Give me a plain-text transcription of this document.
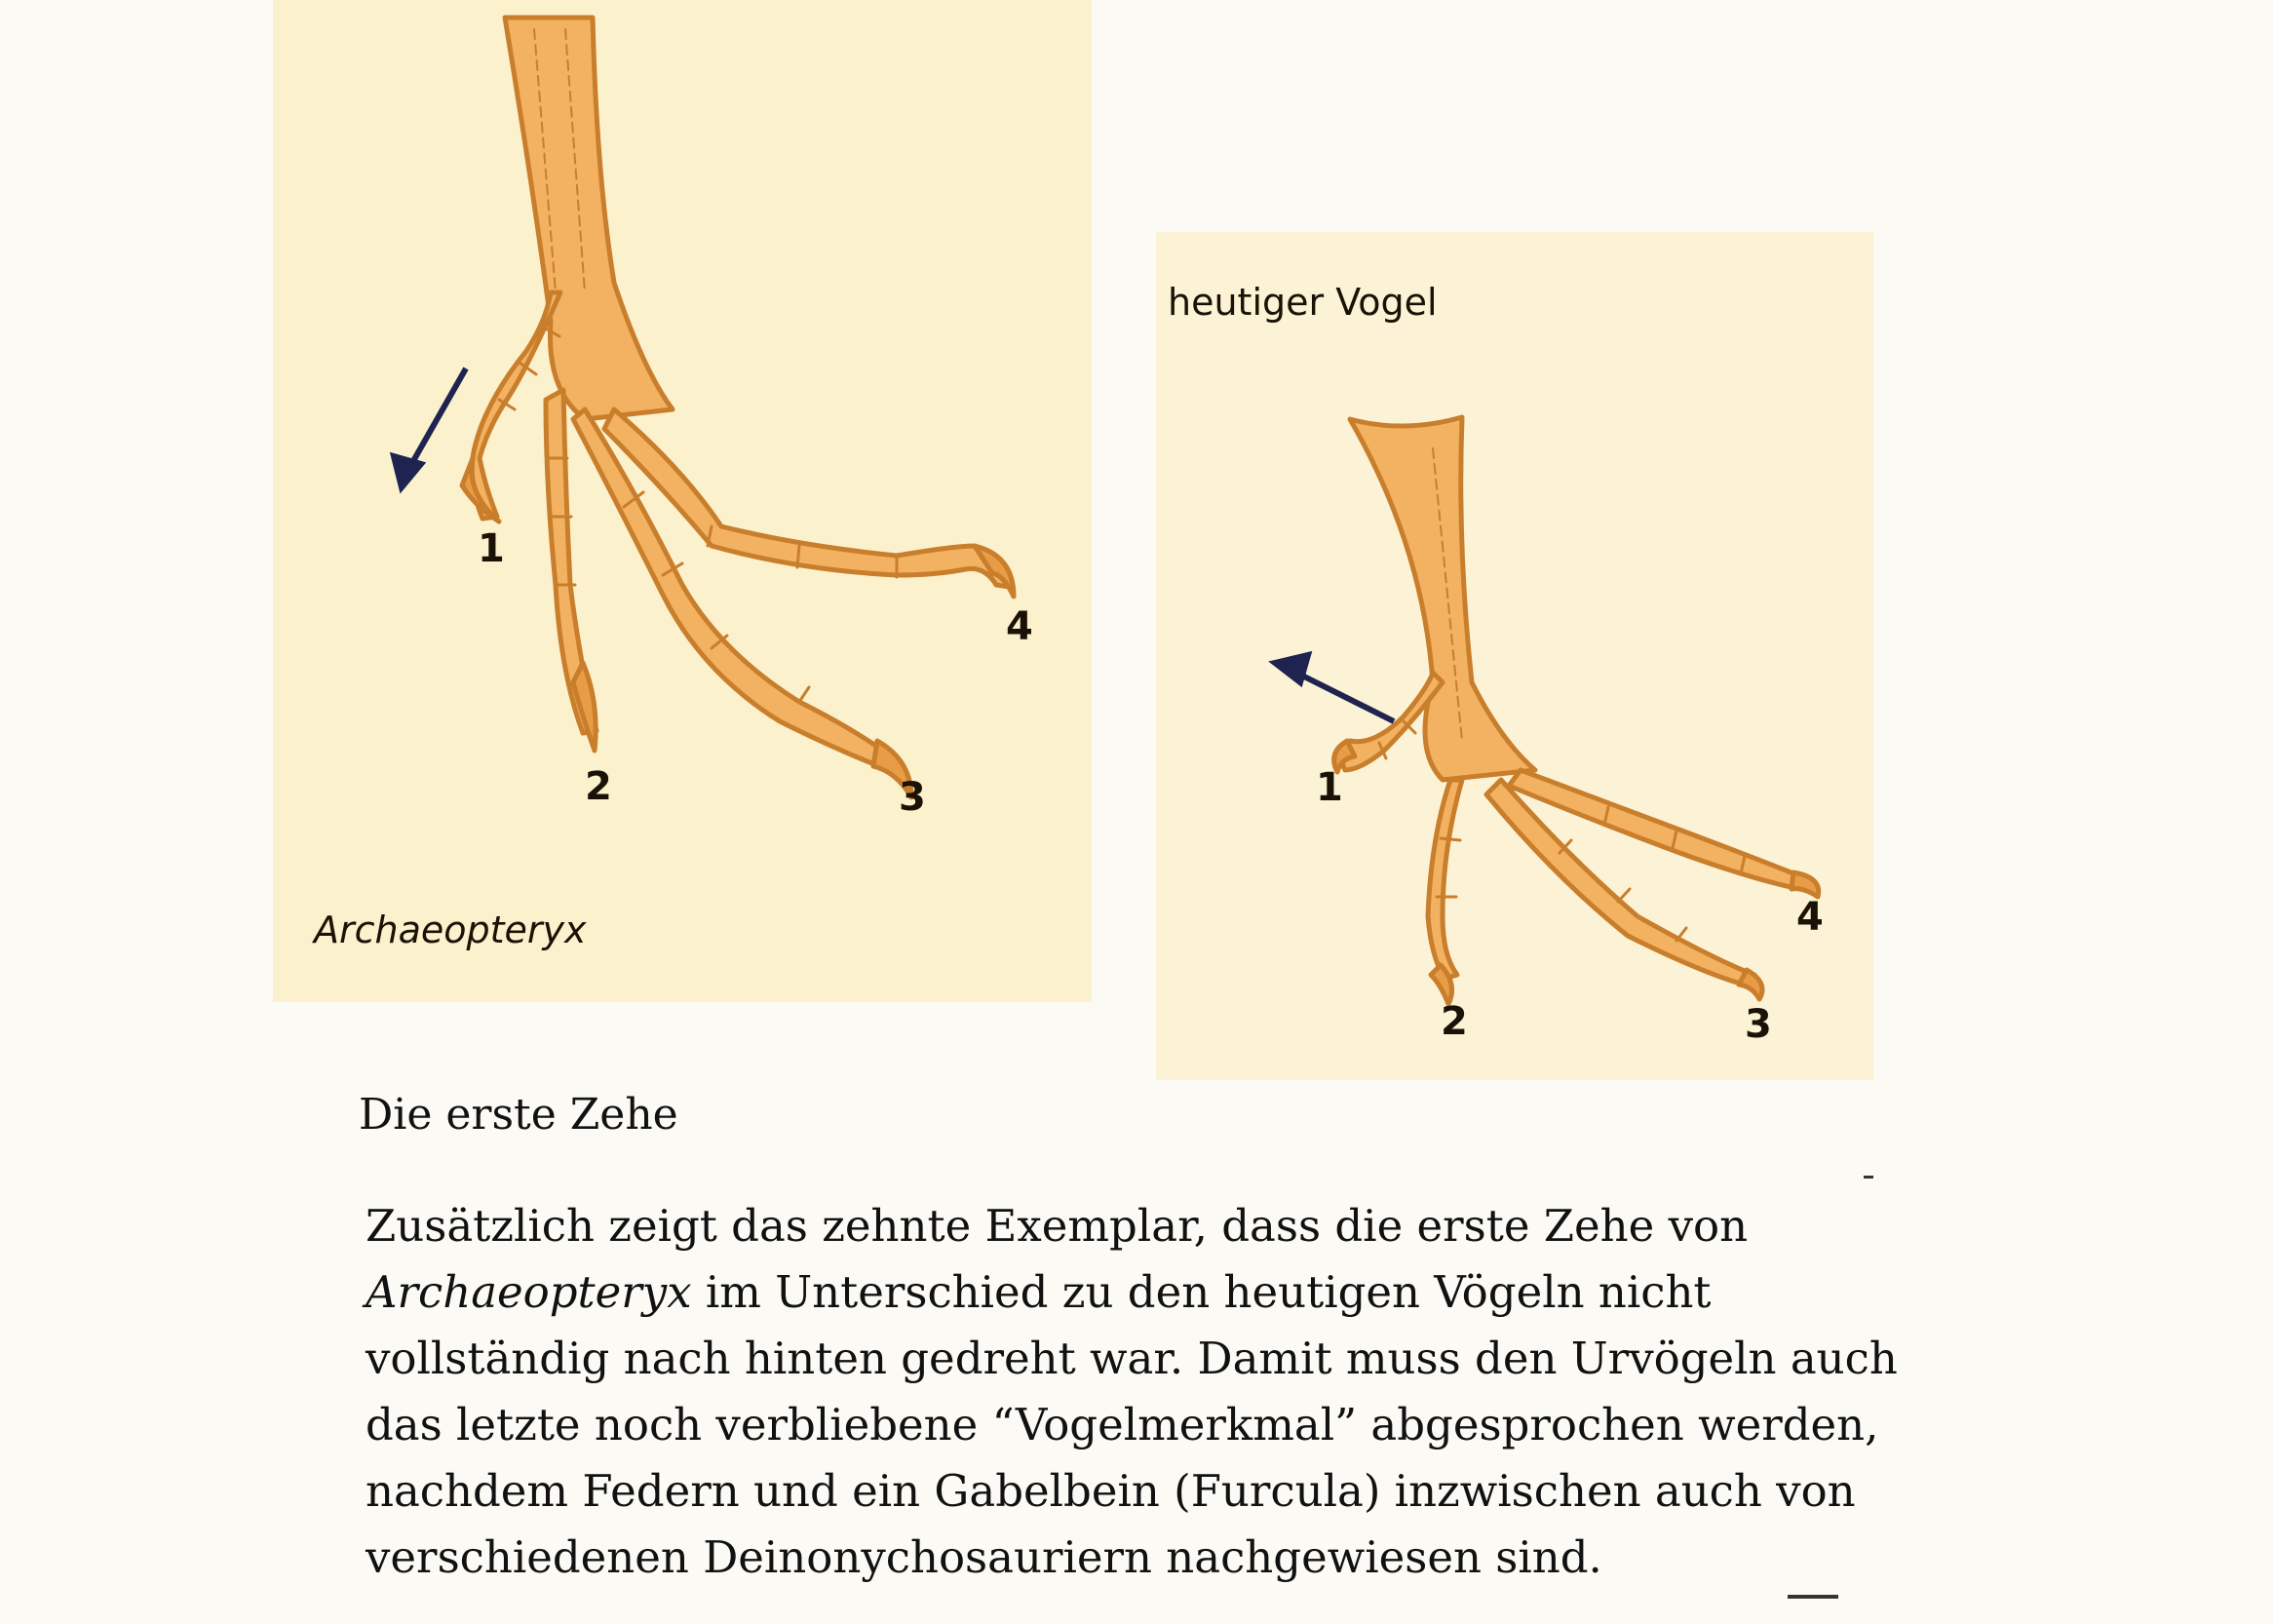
Archaeopteryx
heutiger Vogel
1
2	3
4
1
2	3
4
Die erste Zehe
Zusätzlich zeigt das zehnte Exemplar, dass die erste Zehe von Archaeopteryx im Unterschied zu den heutigen Vögeln nicht vollständig nach hinten gedreht war. Damit muss den Urvögeln auch das letzte noch verbliebene “Vogelmerkmal” abgesprochen werden, nachdem Federn und ein Gabelbein (Furcula) inzwischen auch von verschiedenen Deinonychosauriern nachgewiesen sind.
